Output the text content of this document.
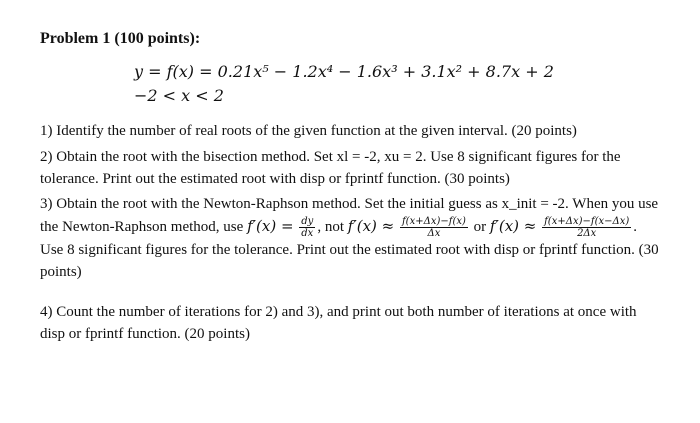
Problem 1 (100 points):
y = f(x) = 0.21x⁵ − 1.2x⁴ − 1.6x³ + 3.1x² + 8.7x + 2
−2 < x < 2
1) Identify the number of real roots of the given function at the given interval. (20 points)
2) Obtain the root with the bisection method. Set xl = -2, xu = 2. Use 8 significant figures for the tolerance. Print out the estimated root with disp or fprintf function. (30 points)
3) Obtain the root with the Newton-Raphson method. Set the initial guess as x_init = -2. When you use the Newton-Raphson method, use $f'(x) = \frac{dy}{dx}$ , not $f'(x) \approx \frac{f(x+\Delta x)-f(x)}{\Delta x}$ or $f'(x) \approx \frac{f(x+\Delta x)-f(x-\Delta x)}{2\Delta x}$ . Use 8 significant figures for the tolerance. Print out the estimated root with disp or fprintf function. (30 points)
4) Count the number of iterations for 2) and 3), and print out both number of iterations at once with disp or fprintf function. (20 points)
